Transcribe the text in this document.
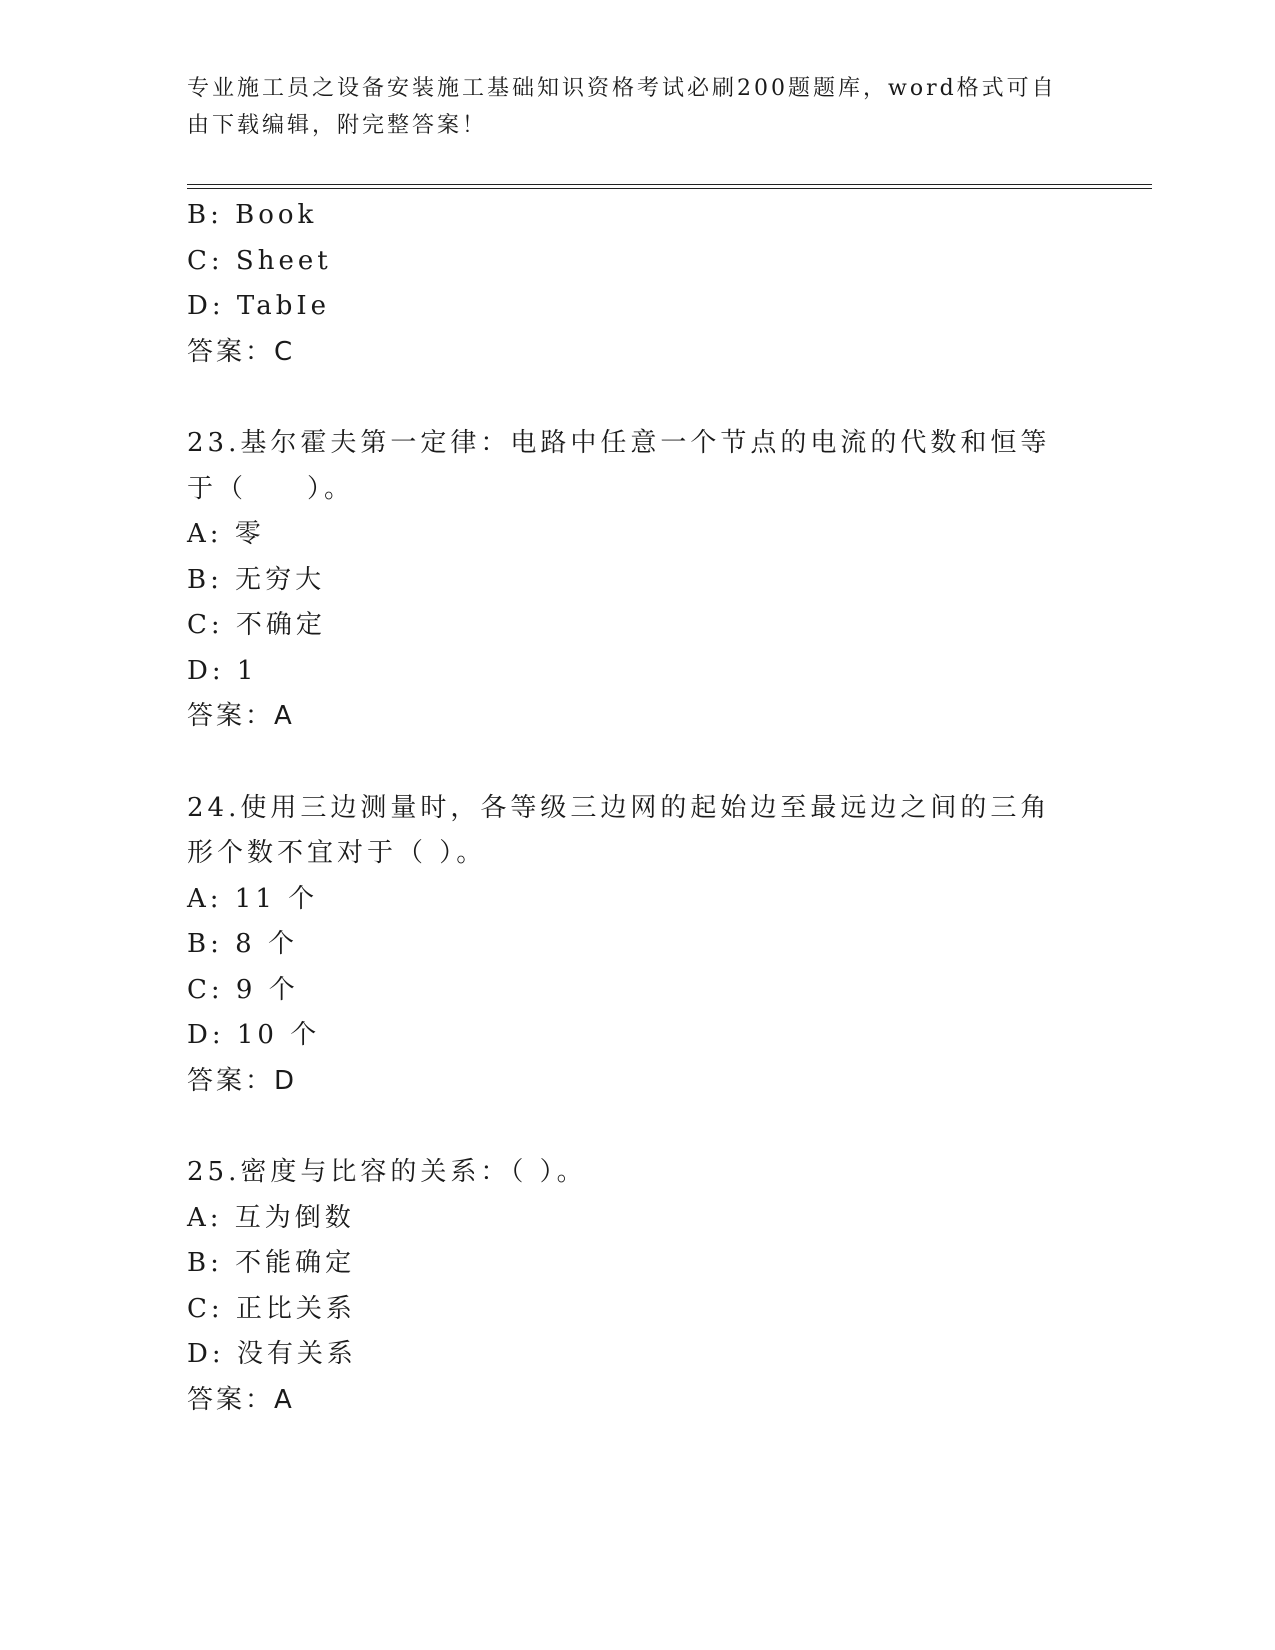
专业施工员之设备安装施工基础知识资格考试必刷200题题库，word格式可自由下载编辑，附完整答案！

B: Book
C: Sheet
D: TabIe
答案：C
23.基尔霍夫第一定律：电路中任意一个节点的电流的代数和恒等于（　　）。
A: 零
B: 无穷大
C: 不确定
D: 1
答案：A
24.使用三边测量时，各等级三边网的起始边至最远边之间的三角形个数不宜对于（ ）。
A: 11 个
B: 8 个
C: 9 个
D: 10 个
答案：D
25.密度与比容的关系：（ ）。
A: 互为倒数
B: 不能确定
C: 正比关系
D: 没有关系
答案：A
